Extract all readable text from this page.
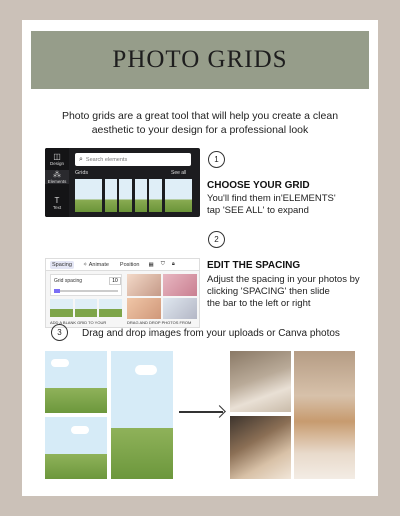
PHOTO GRIDS

Photo grids are a great tool that will help you create a clean aesthetic to your design for a professional look

◫
Design
⁂
Elements
T
Text
⌕ Search elements
Grids	See all
1
CHOOSE YOUR GRID
You'll find them in'ELEMENTS'
tap 'SEE ALL' to expand
Spacing	✧ Animate	Position	▦ ⛉ 🔒︎
Grid spacing	10
ADD A BLANK GRID TO YOUR	DRAG AND DROP PHOTOS FROM
2
EDIT THE SPACING
Adjust the spacing in your photos by
clicking 'SPACING' then slide
the bar to the left or right
3	Drag and drop images from your uploads or Canva photos
